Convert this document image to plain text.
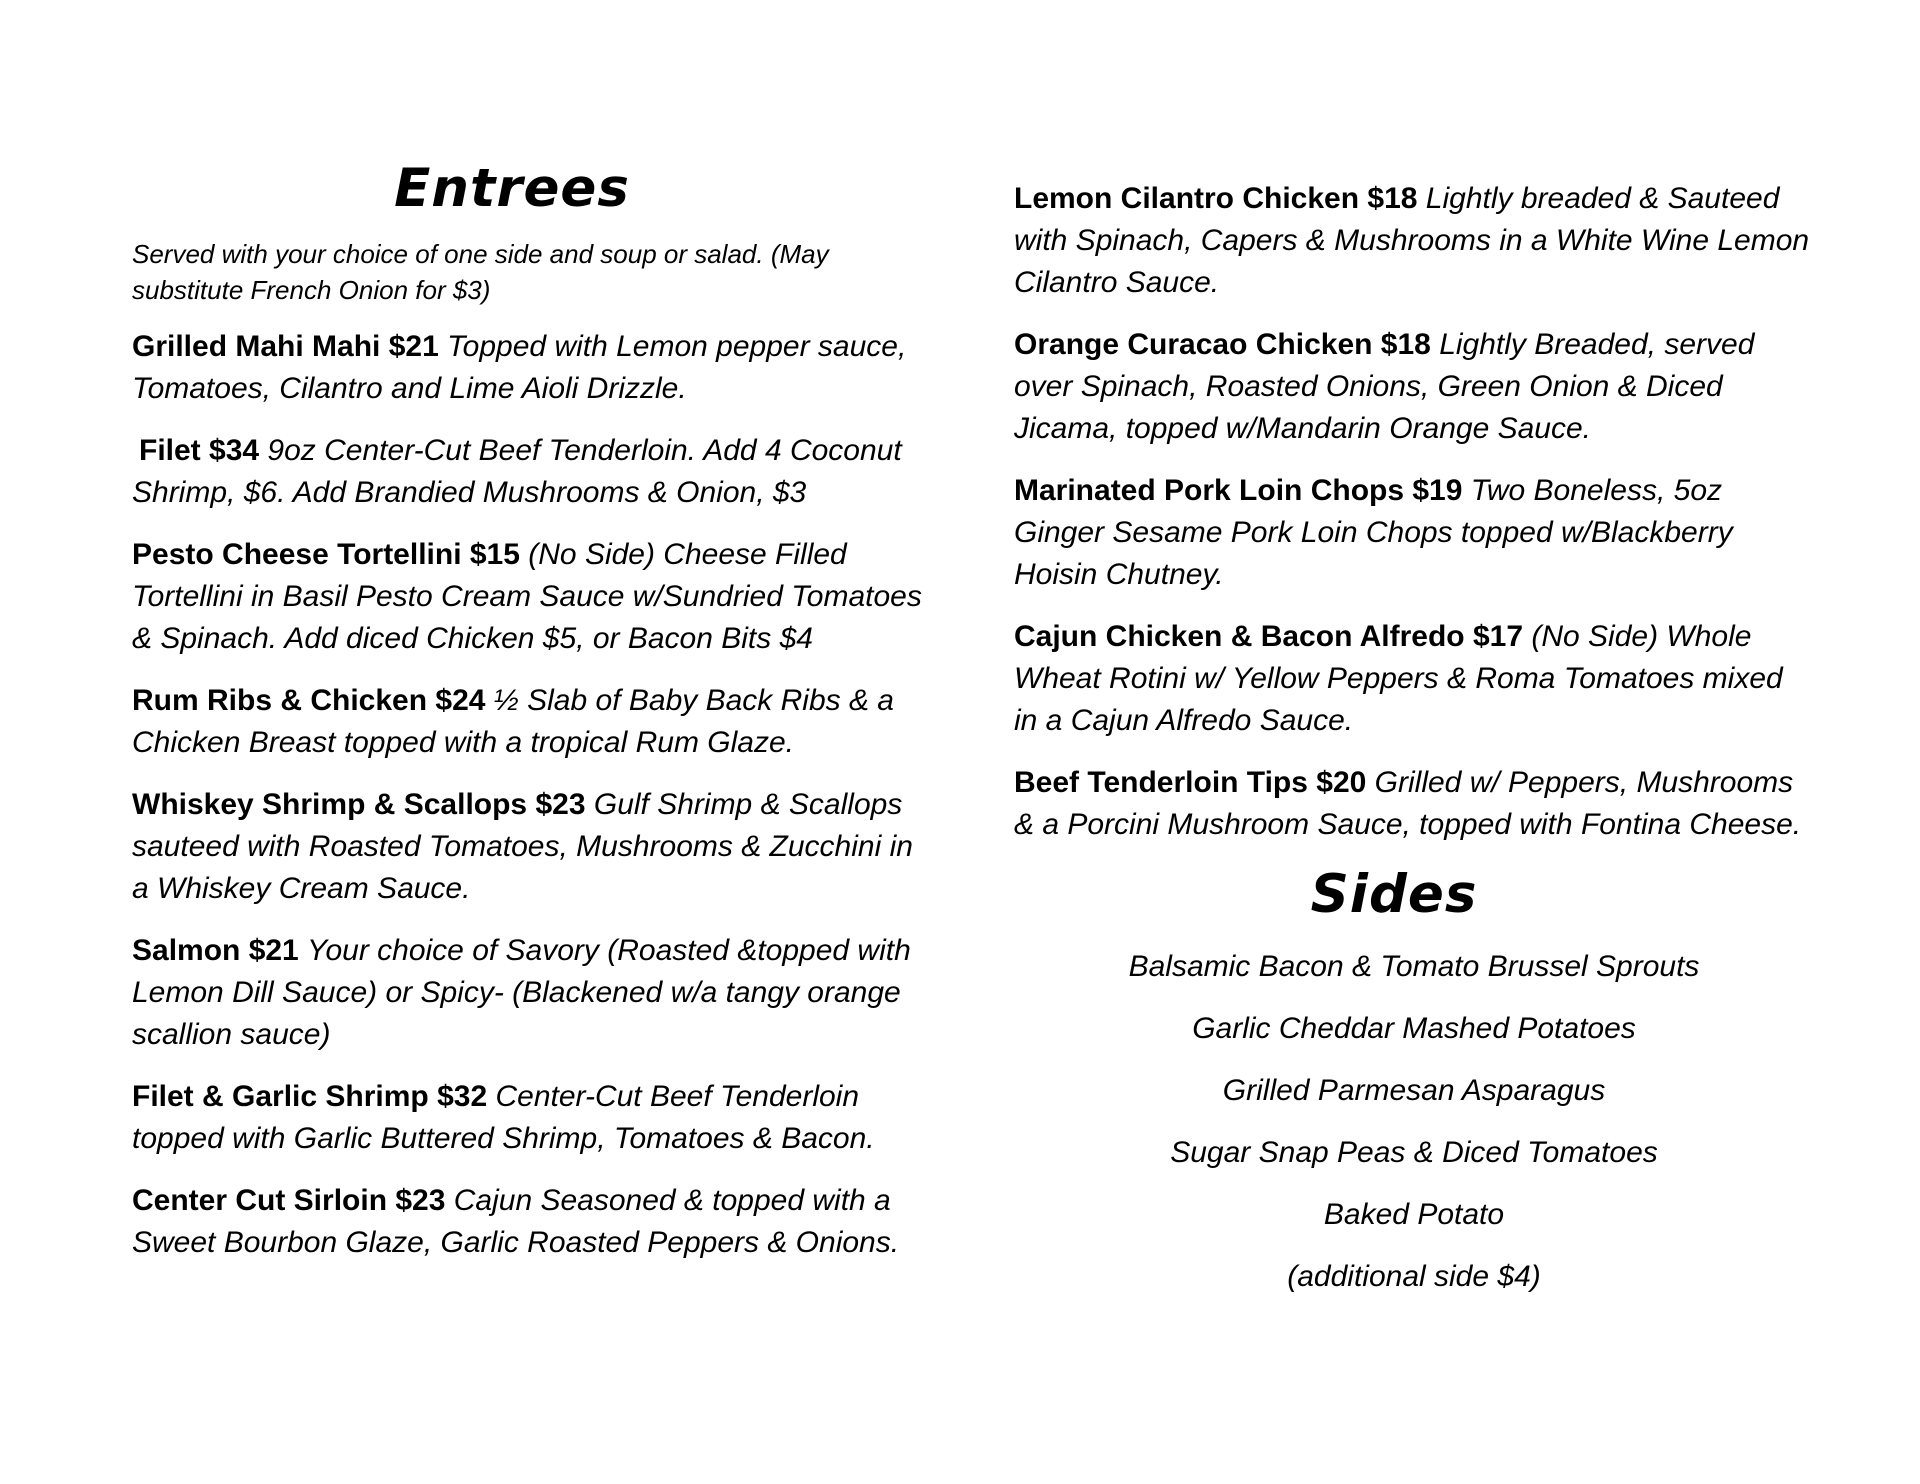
Entrees

Served with your choice of one side and soup or salad. (May substitute French Onion for $3)

Grilled Mahi Mahi $21 Topped with Lemon pepper sauce, Tomatoes, Cilantro and Lime Aioli Drizzle.

Filet $34 9oz Center-Cut Beef Tenderloin. Add 4 Coconut Shrimp, $6. Add Brandied Mushrooms & Onion, $3

Pesto Cheese Tortellini $15 (No Side) Cheese Filled Tortellini in Basil Pesto Cream Sauce w/Sundried Tomatoes & Spinach. Add diced Chicken $5, or Bacon Bits $4

Rum Ribs & Chicken $24 ½ Slab of Baby Back Ribs & a Chicken Breast topped with a tropical Rum Glaze.

Whiskey Shrimp & Scallops $23 Gulf Shrimp & Scallops sauteed with Roasted Tomatoes, Mushrooms & Zucchini in a Whiskey Cream Sauce.

Salmon $21 Your choice of Savory (Roasted &topped with Lemon Dill Sauce) or Spicy- (Blackened w/a tangy orange scallion sauce)

Filet & Garlic Shrimp $32 Center-Cut Beef Tenderloin topped with Garlic Buttered Shrimp, Tomatoes & Bacon.

Center Cut Sirloin $23 Cajun Seasoned & topped with a Sweet Bourbon Glaze, Garlic Roasted Peppers & Onions.

Lemon Cilantro Chicken $18 Lightly breaded & Sauteed with Spinach, Capers & Mushrooms in a White Wine Lemon Cilantro Sauce.

Orange Curacao Chicken $18 Lightly Breaded, served over Spinach, Roasted Onions, Green Onion & Diced Jicama, topped w/Mandarin Orange Sauce.

Marinated Pork Loin Chops $19 Two Boneless, 5oz Ginger Sesame Pork Loin Chops topped w/Blackberry Hoisin Chutney.

Cajun Chicken & Bacon Alfredo $17 (No Side) Whole Wheat Rotini w/ Yellow Peppers & Roma Tomatoes mixed in a Cajun Alfredo Sauce.

Beef Tenderloin Tips $20 Grilled w/ Peppers, Mushrooms & a Porcini Mushroom Sauce, topped with Fontina Cheese.

Sides

Balsamic Bacon & Tomato Brussel Sprouts

Garlic Cheddar Mashed Potatoes

Grilled Parmesan Asparagus

Sugar Snap Peas & Diced Tomatoes

Baked Potato

(additional side $4)
